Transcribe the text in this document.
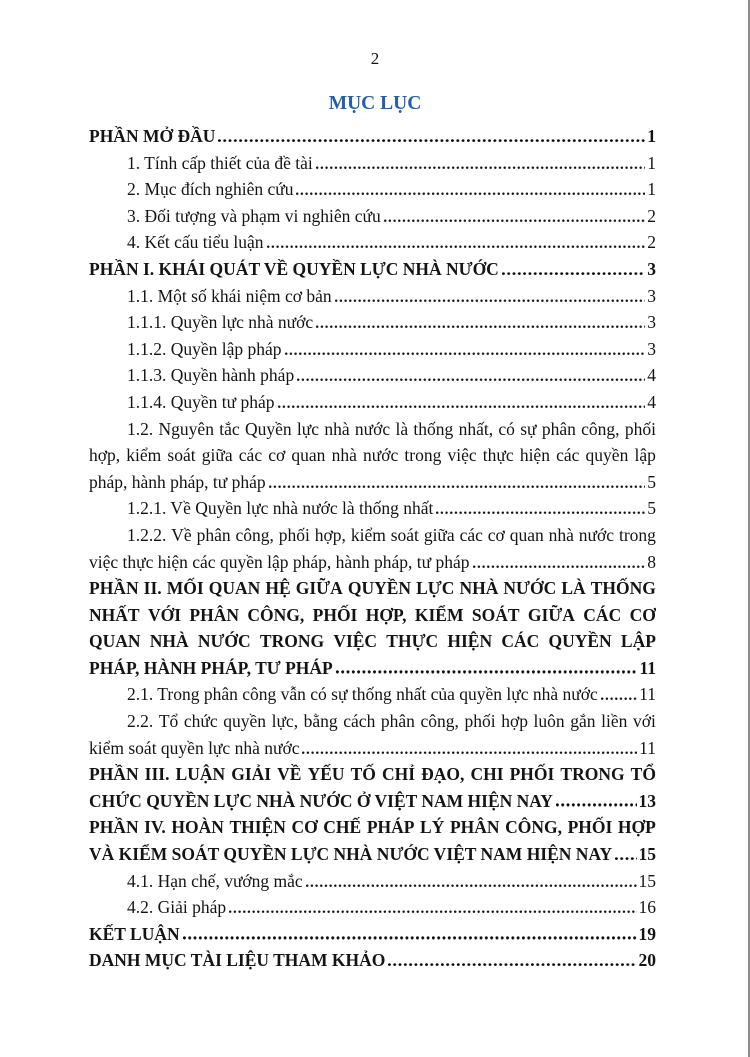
2
MỤC LỤC
PHẦN MỞ ĐẦU	1
1. Tính cấp thiết của đề tài	1
2. Mục đích nghiên cứu	1
3. Đối tượng và phạm vi nghiên cứu	2
4. Kết cấu tiểu luận	2
PHẦN I. KHÁI QUÁT VỀ QUYỀN LỰC NHÀ NƯỚC	3
1.1. Một số khái niệm cơ bản	3
1.1.1. Quyền lực nhà nước	3
1.1.2. Quyền lập pháp	3
1.1.3. Quyền hành pháp	4
1.1.4. Quyền tư pháp	4
1.2. Nguyên tắc Quyền lực nhà nước là thống nhất, có sự phân công, phối
hợp, kiểm soát giữa các cơ quan nhà nước trong việc thực hiện các quyền lập
pháp, hành pháp, tư pháp	5
1.2.1. Về Quyền lực nhà nước là thống nhất	5
1.2.2. Về phân công, phối hợp, kiểm soát giữa các cơ quan nhà nước trong
việc thực hiện các quyền lập pháp, hành pháp, tư pháp	8
PHẦN II. MỐI QUAN HỆ GIỮA QUYỀN LỰC NHÀ NƯỚC LÀ THỐNG
NHẤT VỚI PHÂN CÔNG, PHỐI HỢP, KIỂM SOÁT GIỮA CÁC CƠ
QUAN NHÀ NƯỚC TRONG VIỆC THỰC HIỆN CÁC QUYỀN LẬP
PHÁP, HÀNH PHÁP, TƯ PHÁP	11
2.1. Trong phân công vẫn có sự thống nhất của quyền lực nhà nước 11
2.2. Tổ chức quyền lực, bằng cách phân công, phối hợp luôn gắn liền với
kiểm soát quyền lực nhà nước	11
PHẦN III. LUẬN GIẢI VỀ YẾU TỐ CHỈ ĐẠO, CHI PHỐI TRONG TỔ
CHỨC QUYỀN LỰC NHÀ NƯỚC Ở VIỆT NAM HIỆN NAY	13
PHẦN IV. HOÀN THIỆN CƠ CHẾ PHÁP LÝ PHÂN CÔNG, PHỐI HỢP
VÀ KIỂM SOÁT QUYỀN LỰC NHÀ NƯỚC VIỆT NAM HIỆN NAY 15
4.1. Hạn chế, vướng mắc	15
4.2. Giải pháp	16
KẾT LUẬN	19
DANH MỤC TÀI LIỆU THAM KHẢO	20
